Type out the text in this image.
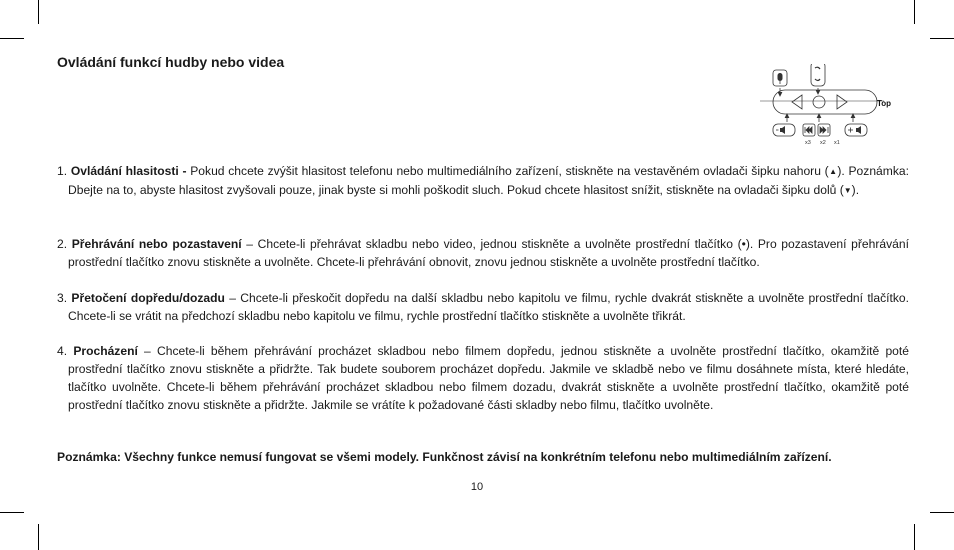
Ovládání funkcí hudby nebo videa
Top
x3 x2 x1

1. Ovládání hlasitosti - Pokud chcete zvýšit hlasitost telefonu nebo multimediálního zařízení, stiskněte na vestavěném ovladači šipku nahoru (▲). Poznámka: Dbejte na to, abyste hlasitost zvyšovali pouze, jinak byste si mohli poškodit sluch. Pokud chcete hlasitost snížit, stiskněte na ovladači šipku dolů (▼).

2. Přehrávání nebo pozastavení – Chcete-li přehrávat skladbu nebo video, jednou stiskněte a uvolněte prostřední tlačítko (•). Pro pozastavení přehrávání prostřední tlačítko znovu stiskněte a uvolněte. Chcete-li přehrávání obnovit, znovu jednou stiskněte a uvolněte prostřední tlačítko.

3. Přetočení dopředu/dozadu – Chcete-li přeskočit dopředu na další skladbu nebo kapitolu ve filmu, rychle dvakrát stiskněte a uvolněte prostřední tlačítko. Chcete-li se vrátit na předchozí skladbu nebo kapitolu ve filmu, rychle prostřední tlačítko stiskněte a uvolněte třikrát.

4. Procházení – Chcete-li během přehrávání procházet skladbou nebo filmem dopředu, jednou stiskněte a uvolněte prostřední tlačítko, okamžitě poté prostřední tlačítko znovu stiskněte a přidržte. Tak budete souborem procházet dopředu. Jakmile ve skladbě nebo ve filmu dosáhnete místa, které hledáte, tlačítko uvolněte. Chcete-li během přehrávání procházet skladbou nebo filmem dozadu, dvakrát stiskněte a uvolněte prostřední tlačítko, okamžitě poté prostřední tlačítko znovu stiskněte a přidržte. Jakmile se vrátíte k požadované části skladby nebo filmu, tlačítko uvolněte.

Poznámka: Všechny funkce nemusí fungovat se všemi modely. Funkčnost závisí na konkrétním telefonu nebo multimediálním zařízení.

10
